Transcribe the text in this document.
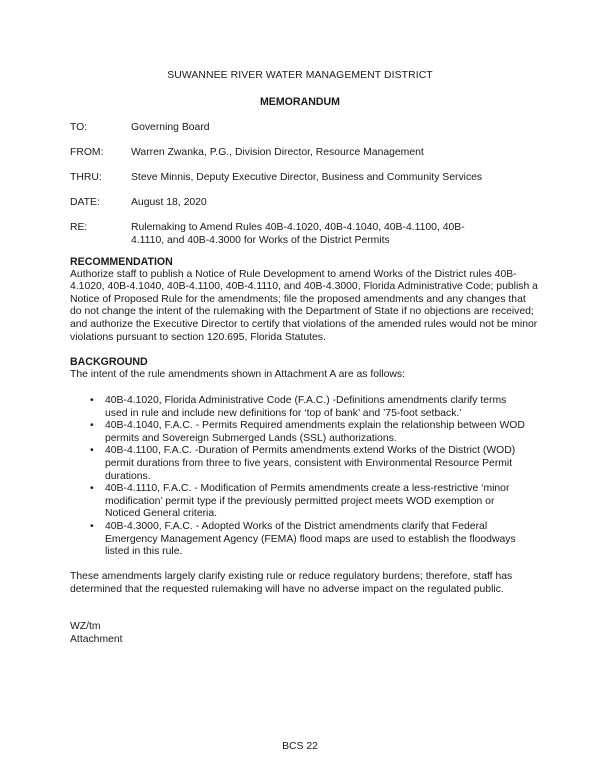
SUWANNEE RIVER WATER MANAGEMENT DISTRICT
MEMORANDUM
TO:	Governing Board
FROM:	Warren Zwanka, P.G., Division Director, Resource Management
THRU:	Steve Minnis, Deputy Executive Director, Business and Community Services
DATE:	August 18, 2020
RE:	Rulemaking to Amend Rules 40B-4.1020, 40B-4.1040, 40B-4.1100, 40B-4.1110, and 40B-4.3000 for Works of the District Permits
RECOMMENDATION
Authorize staff to publish a Notice of Rule Development to amend Works of the District rules 40B-4.1020, 40B-4.1040, 40B-4.1100, 40B-4.1110, and 40B-4.3000, Florida Administrative Code; publish a Notice of Proposed Rule for the amendments; file the proposed amendments and any changes that do not change the intent of the rulemaking with the Department of State if no objections are received; and authorize the Executive Director to certify that violations of the amended rules would not be minor violations pursuant to section 120.695, Florida Statutes.
BACKGROUND
The intent of the rule amendments shown in Attachment A are as follows:
• 40B-4.1020, Florida Administrative Code (F.A.C.) -Definitions amendments clarify terms used in rule and include new definitions for ‘top of bank’ and ’75-foot setback.’
• 40B-4.1040, F.A.C. - Permits Required amendments explain the relationship between WOD permits and Sovereign Submerged Lands (SSL) authorizations.
• 40B-4.1100, F.A.C. -Duration of Permits amendments extend Works of the District (WOD) permit durations from three to five years, consistent with Environmental Resource Permit durations.
• 40B-4.1110, F.A.C. - Modification of Permits amendments create a less-restrictive ‘minor modification’ permit type if the previously permitted project meets WOD exemption or Noticed General criteria.
• 40B-4.3000, F.A.C. - Adopted Works of the District amendments clarify that Federal Emergency Management Agency (FEMA) flood maps are used to establish the floodways listed in this rule.
These amendments largely clarify existing rule or reduce regulatory burdens; therefore, staff has determined that the requested rulemaking will have no adverse impact on the regulated public.
WZ/tm
Attachment
BCS 22
